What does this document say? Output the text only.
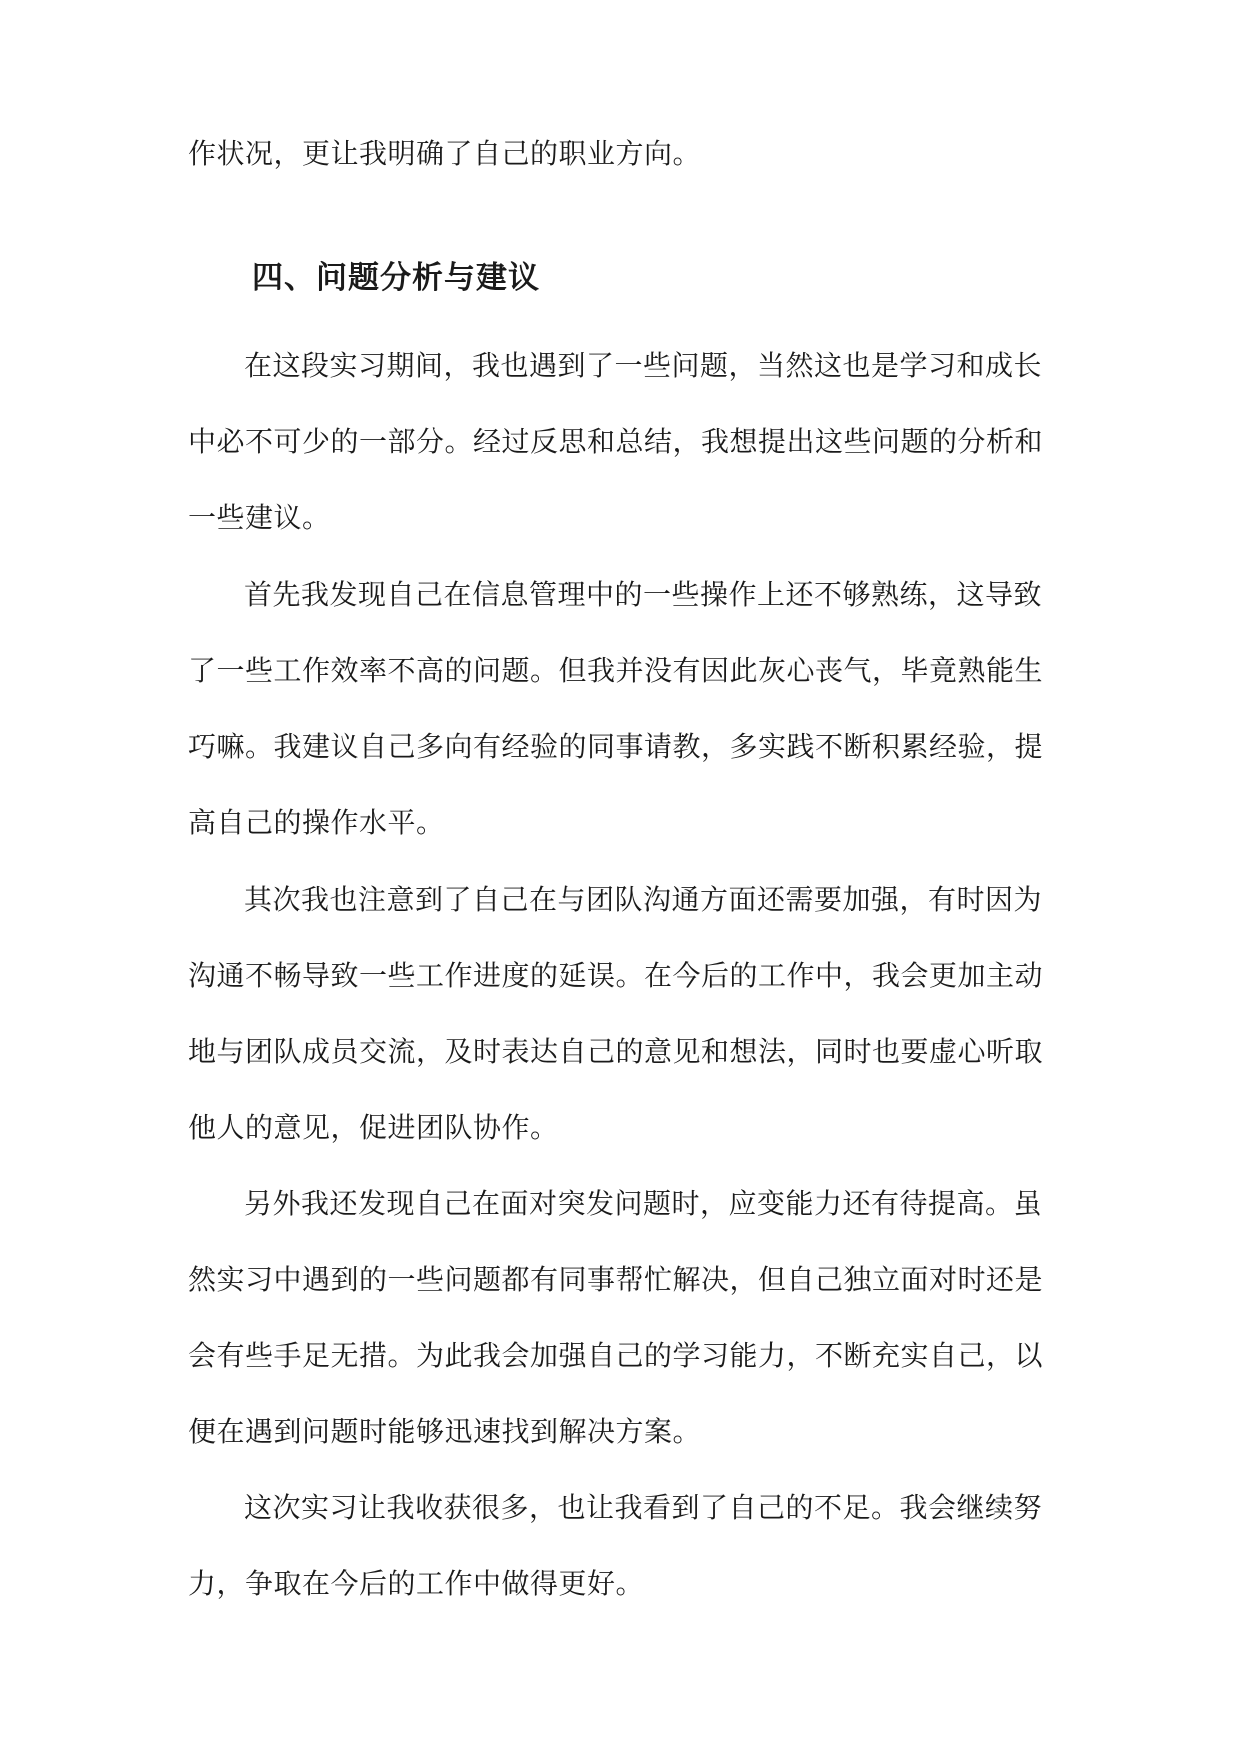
作状况，更让我明确了自己的职业方向。

四、问题分析与建议

在这段实习期间，我也遇到了一些问题，当然这也是学习和成长中必不可少的一部分。经过反思和总结，我想提出这些问题的分析和一些建议。

首先我发现自己在信息管理中的一些操作上还不够熟练，这导致了一些工作效率不高的问题。但我并没有因此灰心丧气，毕竟熟能生巧嘛。我建议自己多向有经验的同事请教，多实践不断积累经验，提高自己的操作水平。

其次我也注意到了自己在与团队沟通方面还需要加强，有时因为沟通不畅导致一些工作进度的延误。在今后的工作中，我会更加主动地与团队成员交流，及时表达自己的意见和想法，同时也要虚心听取他人的意见，促进团队协作。

另外我还发现自己在面对突发问题时，应变能力还有待提高。虽然实习中遇到的一些问题都有同事帮忙解决，但自己独立面对时还是会有些手足无措。为此我会加强自己的学习能力，不断充实自己，以便在遇到问题时能够迅速找到解决方案。

这次实习让我收获很多，也让我看到了自己的不足。我会继续努力，争取在今后的工作中做得更好。
